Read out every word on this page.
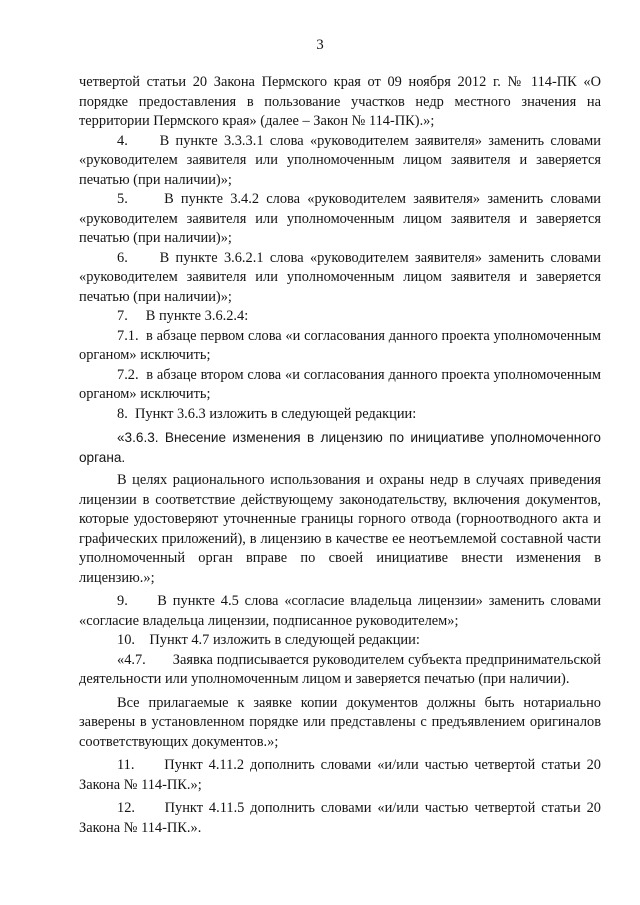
3

четвертой статьи 20 Закона Пермского края от 09 ноября 2012 г. № 114-ПК «О порядке предоставления в пользование участков недр местного значения на территории Пермского края» (далее – Закон № 114-ПК).»;

4.     В пункте 3.3.3.1 слова «руководителем заявителя» заменить словами «руководителем заявителя или уполномоченным лицом заявителя и заверяется печатью (при наличии)»;

5.     В пункте 3.4.2 слова «руководителем заявителя» заменить словами «руководителем заявителя или уполномоченным лицом заявителя и заверяется печатью (при наличии)»;

6.     В пункте 3.6.2.1 слова «руководителем заявителя» заменить словами «руководителем заявителя или уполномоченным лицом заявителя и заверяется печатью (при наличии)»;

7.     В пункте 3.6.2.4:

7.1.  в абзаце первом слова «и согласования данного проекта уполномоченным органом» исключить;

7.2.  в абзаце втором слова «и согласования данного проекта уполномоченным органом» исключить;

8.  Пункт 3.6.3 изложить в следующей редакции:

«3.6.3. Внесение изменения в лицензию по инициативе уполномоченного органа.

В целях рационального использования и охраны недр в случаях приведения лицензии в соответствие действующему законодательству, включения документов, которые удостоверяют уточненные границы горного отвода (горноотводного акта и графических приложений), в лицензию в качестве ее неотъемлемой составной части уполномоченный орган вправе по своей инициативе внести изменения в лицензию.»;

9.     В пункте 4.5 слова «согласие владельца лицензии» заменить словами «согласие владельца лицензии, подписанное руководителем»;

10.    Пункт 4.7 изложить в следующей редакции:

«4.7.       Заявка подписывается руководителем субъекта предпринимательской деятельности или уполномоченным лицом и заверяется печатью (при наличии).

Все прилагаемые к заявке копии документов должны быть нотариально заверены в установленном порядке или представлены с предъявлением оригиналов соответствующих документов.»;

11.     Пункт 4.11.2 дополнить словами «и/или частью четвертой статьи 20 Закона № 114-ПК.»;

12.     Пункт 4.11.5 дополнить словами «и/или частью четвертой статьи 20 Закона № 114-ПК.».
